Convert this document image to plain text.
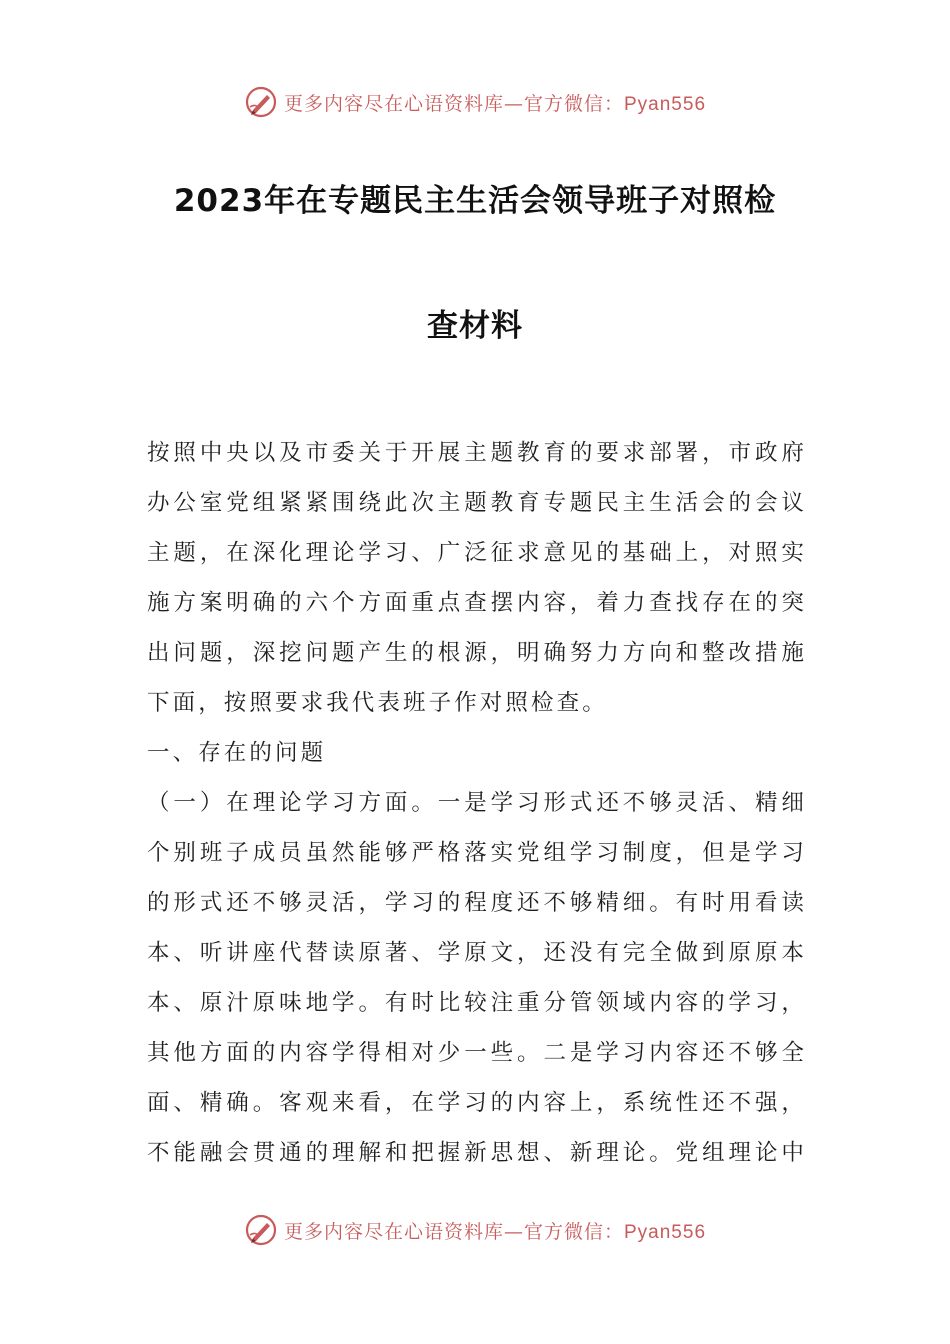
更多内容尽在心语资料库—官方微信：Pyan556
2023年在专题民主生活会领导班子对照检
查材料
按照中央以及市委关于开展主题教育的要求部署，市政府
办公室党组紧紧围绕此次主题教育专题民主生活会的会议
主题，在深化理论学习、广泛征求意见的基础上，对照实
施方案明确的六个方面重点查摆内容，着力查找存在的突
出问题，深挖问题产生的根源，明确努力方向和整改措施
下面，按照要求我代表班子作对照检查。
一、存在的问题
（一）在理论学习方面。一是学习形式还不够灵活、精细
个别班子成员虽然能够严格落实党组学习制度，但是学习
的形式还不够灵活，学习的程度还不够精细。有时用看读
本、听讲座代替读原著、学原文，还没有完全做到原原本
本、原汁原味地学。有时比较注重分管领域内容的学习，
其他方面的内容学得相对少一些。二是学习内容还不够全
面、精确。客观来看，在学习的内容上，系统性还不强，
不能融会贯通的理解和把握新思想、新理论。党组理论中
更多内容尽在心语资料库—官方微信：Pyan556
